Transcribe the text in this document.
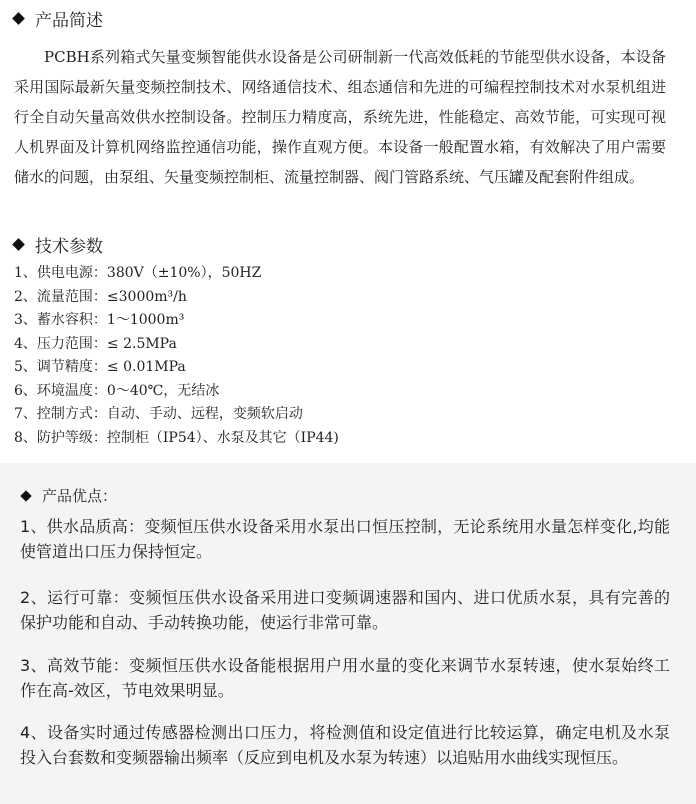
产品简述

PCBH系列箱式矢量变频智能供水设备是公司研制新一代高效低耗的节能型供水设备，本设备采用国际最新矢量变频控制技术、网络通信技术、组态通信和先进的可编程控制技术对水泵机组进行全自动矢量高效供水控制设备。控制压力精度高，系统先进，性能稳定、高效节能，可实现可视人机界面及计算机网络监控通信功能，操作直观方便。本设备一般配置水箱，有效解决了用户需要储水的问题，由泵组、矢量变频控制柜、流量控制器、阀门管路系统、气压罐及配套附件组成。

技术参数
1、供电电源：380V（±10%），50HZ
2、流量范围：≤3000m³/h
3、蓄水容积：1～1000m³
4、压力范围：≤ 2.5MPa
5、调节精度：≤ 0.01MPa
6、环境温度：0～40℃，无结冰
7、控制方式：自动、手动、远程，变频软启动
8、防护等级：控制柜（IP54）、水泵及其它（IP44)
产品优点：

1、供水品质高：变频恒压供水设备采用水泵出口恒压控制，无论系统用水量怎样变化,均能使管道出口压力保持恒定。

2、运行可靠：变频恒压供水设备采用进口变频调速器和国内、进口优质水泵，具有完善的保护功能和自动、手动转换功能，使运行非常可靠。

3、高效节能：变频恒压供水设备能根据用户用水量的变化来调节水泵转速，使水泵始终工作在高-效区，节电效果明显。

4、设备实时通过传感器检测出口压力，将检测值和设定值进行比较运算，确定电机及水泵投入台套数和变频器输出频率（反应到电机及水泵为转速）以追贴用水曲线实现恒压。
